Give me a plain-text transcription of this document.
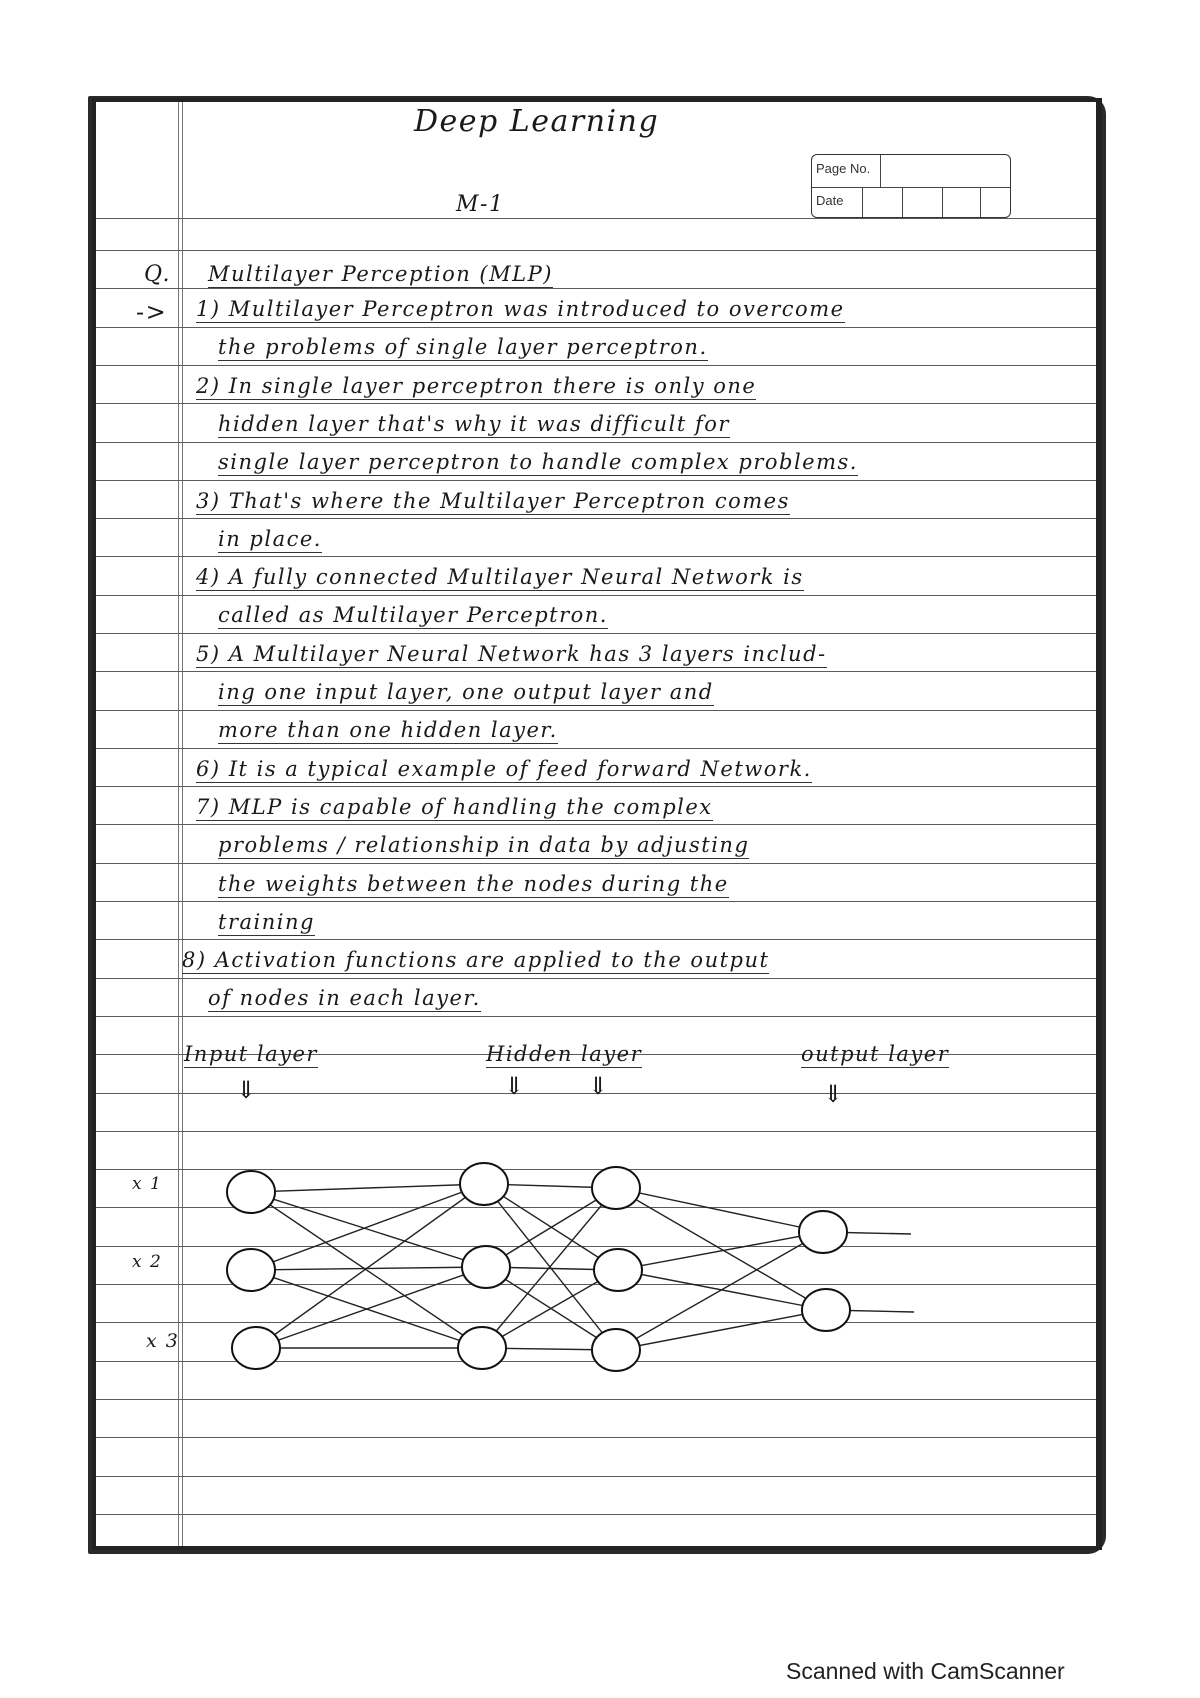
Deep Learning
M-1
Page No.
Date
Q. Multilayer Perception (MLP)
-> 1) Multilayer Perceptron was introduced to overcome
the problems of single layer perceptron.
2) In single layer perceptron there is only one
hidden layer that's why it was difficult for
single layer perceptron to handle complex problems.
3) That's where the Multilayer Perceptron comes
in place.
4) A fully connected Multilayer Neural Network is
called as Multilayer Perceptron.
5) A Multilayer Neural Network has 3 layers includ-
ing one input layer, one output layer and
more than one hidden layer.
6) It is a typical example of feed forward Network.
7) MLP is capable of handling the complex
problems / relationship in data by adjusting
the weights between the nodes during the
training
8) Activation functions are applied to the output
of nodes in each layer.
Input layer	Hidden layer	output layer
⇓	⇓	⇓	⇓
x 1
x 2
x 3
Scanned with CamScanner
